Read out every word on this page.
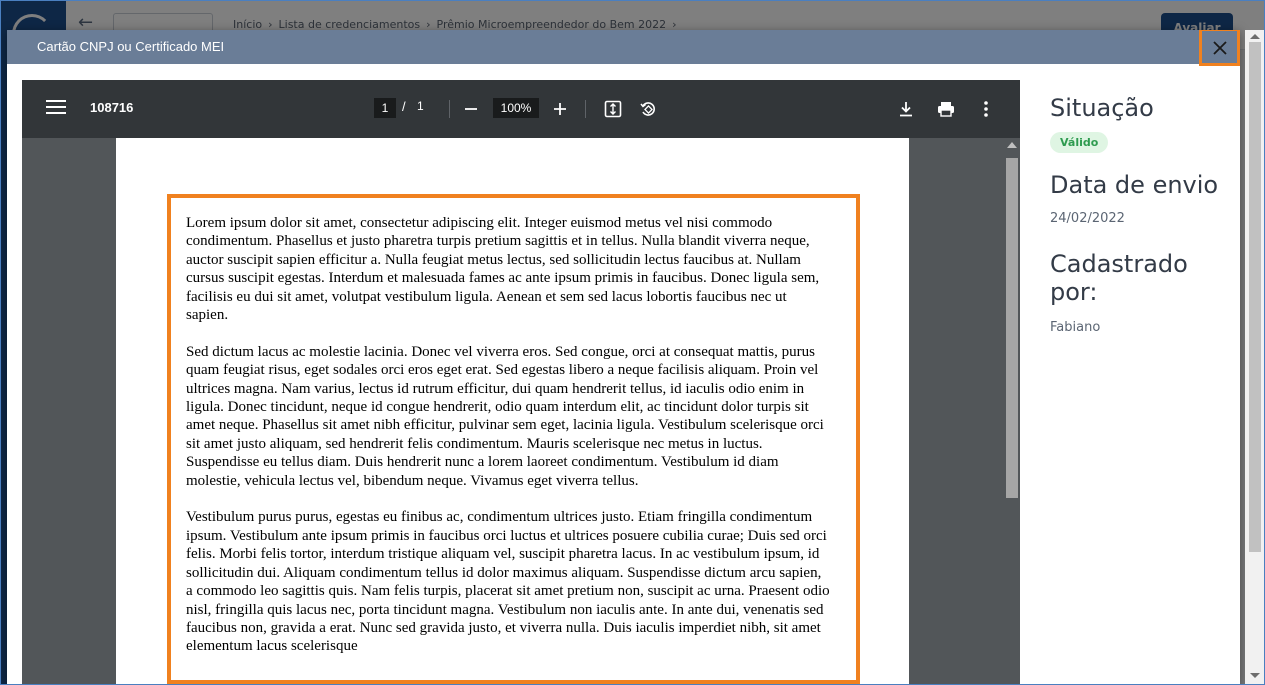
Cartão CNPJ ou Certificado MEI
108716	1	/ 1	100%

Lorem ipsum dolor sit amet, consectetur adipiscing elit. Integer euismod metus vel nisi commodo condimentum. Phasellus et justo pharetra turpis pretium sagittis et in tellus. Nulla blandit viverra neque, auctor suscipit sapien efficitur a. Nulla feugiat metus lectus, sed sollicitudin lectus faucibus at. Nullam cursus suscipit egestas. Interdum et malesuada fames ac ante ipsum primis in faucibus. Donec ligula sem, facilisis eu dui sit amet, volutpat vestibulum ligula. Aenean et sem sed lacus lobortis faucibus nec ut sapien.

Sed dictum lacus ac molestie lacinia. Donec vel viverra eros. Sed congue, orci at consequat mattis, purus quam feugiat risus, eget sodales orci eros eget erat. Sed egestas libero a neque facilisis aliquam. Proin vel ultrices magna. Nam varius, lectus id rutrum efficitur, dui quam hendrerit tellus, id iaculis odio enim in ligula. Donec tincidunt, neque id congue hendrerit, odio quam interdum elit, ac tincidunt dolor turpis sit amet neque. Phasellus sit amet nibh efficitur, pulvinar sem eget, lacinia ligula. Vestibulum scelerisque orci sit amet justo aliquam, sed hendrerit felis condimentum. Mauris scelerisque nec metus in luctus. Suspendisse eu tellus diam. Duis hendrerit nunc a lorem laoreet condimentum. Vestibulum id diam molestie, vehicula lectus vel, bibendum neque. Vivamus eget viverra tellus.

Vestibulum purus purus, egestas eu finibus ac, condimentum ultrices justo. Etiam fringilla condimentum ipsum. Vestibulum ante ipsum primis in faucibus orci luctus et ultrices posuere cubilia curae; Duis sed orci felis. Morbi felis tortor, interdum tristique aliquam vel, suscipit pharetra lacus. In ac vestibulum ipsum, id sollicitudin dui. Aliquam condimentum tellus id dolor maximus aliquam. Suspendisse dictum arcu sapien, a commodo leo sagittis quis. Nam felis turpis, placerat sit amet pretium non, suscipit ac urna. Praesent odio nisl, fringilla quis lacus nec, porta tincidunt magna. Vestibulum non iaculis ante. In ante dui, venenatis sed faucibus non, gravida a erat. Nunc sed gravida justo, et viverra nulla. Duis iaculis imperdiet nibh, sit amet elementum lacus scelerisque

Situação
Válido
Data de envio
24/02/2022
Cadastrado por:
Fabiano
